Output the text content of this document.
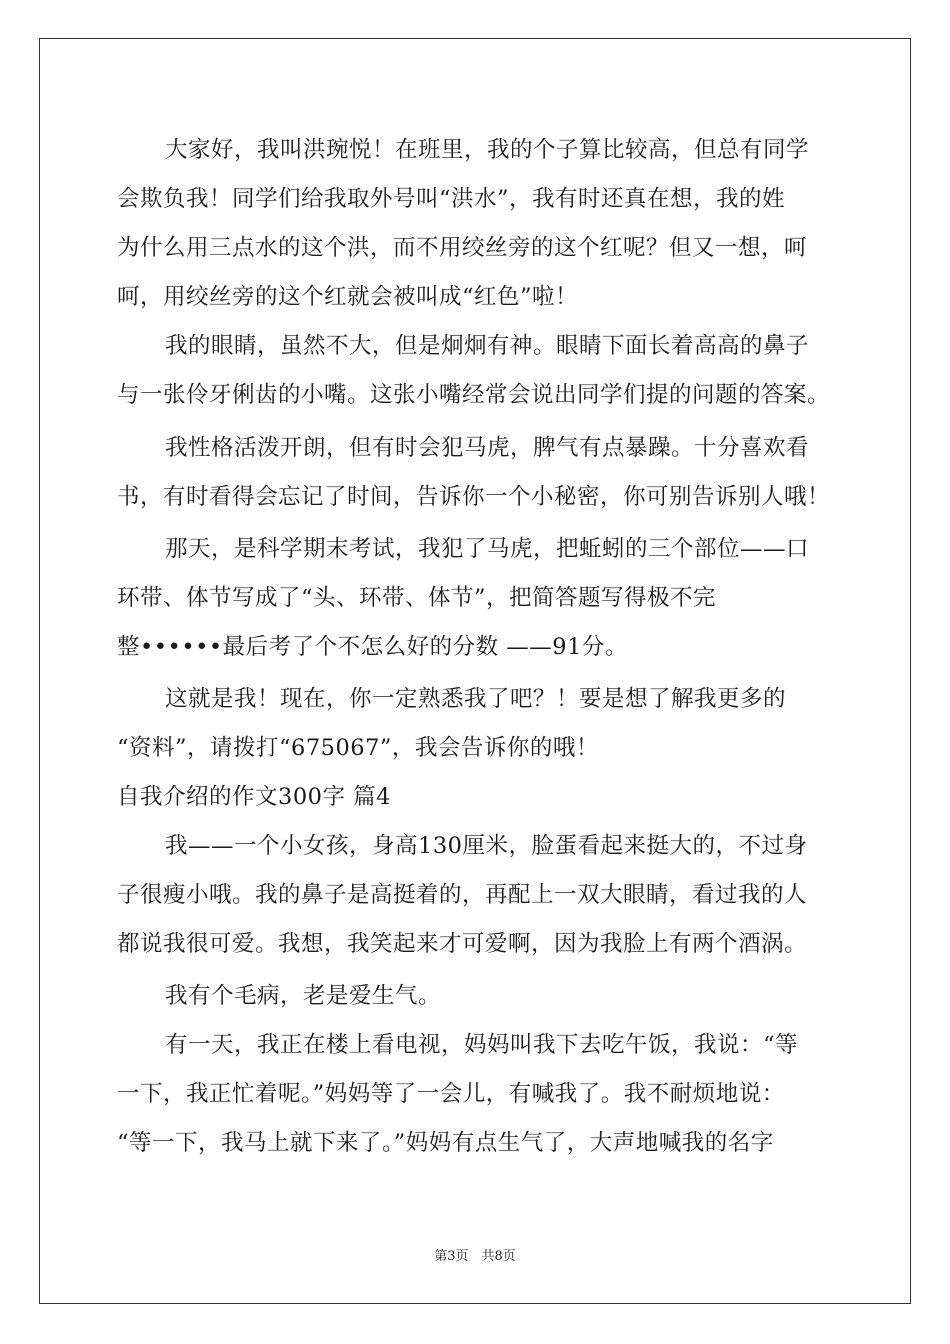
大家好，我叫洪琬悦！在班里，我的个子算比较高，但总有同学
会欺负我！同学们给我取外号叫“洪水”，我有时还真在想，我的姓
为什么用三点水的这个洪，而不用绞丝旁的这个红呢？但又一想，呵
呵，用绞丝旁的这个红就会被叫成“红色”啦！
我的眼睛，虽然不大，但是炯炯有神。眼睛下面长着高高的鼻子
与一张伶牙俐齿的小嘴。这张小嘴经常会说出同学们提的问题的答案。
我性格活泼开朗，但有时会犯马虎，脾气有点暴躁。十分喜欢看
书，有时看得会忘记了时间，告诉你一个小秘密，你可别告诉别人哦！
那天，是科学期末考试，我犯了马虎，把蚯蚓的三个部位——口
环带、体节写成了“头、环带、体节”，把简答题写得极不完
整••••••最后考了个不怎么好的分数 ——91分。
这就是我！现在，你一定熟悉我了吧？！要是想了解我更多的
“资料”，请拨打“675067”，我会告诉你的哦！
自我介绍的作文300字 篇4
我——一个小女孩，身高130厘米，脸蛋看起来挺大的，不过身
子很瘦小哦。我的鼻子是高挺着的，再配上一双大眼睛，看过我的人
都说我很可爱。我想，我笑起来才可爱啊，因为我脸上有两个酒涡。
我有个毛病，老是爱生气。
有一天，我正在楼上看电视，妈妈叫我下去吃午饭，我说：“等
一下，我正忙着呢。”妈妈等了一会儿，有喊我了。我不耐烦地说：
“等一下，我马上就下来了。”妈妈有点生气了，大声地喊我的名字
第3页　共8页
